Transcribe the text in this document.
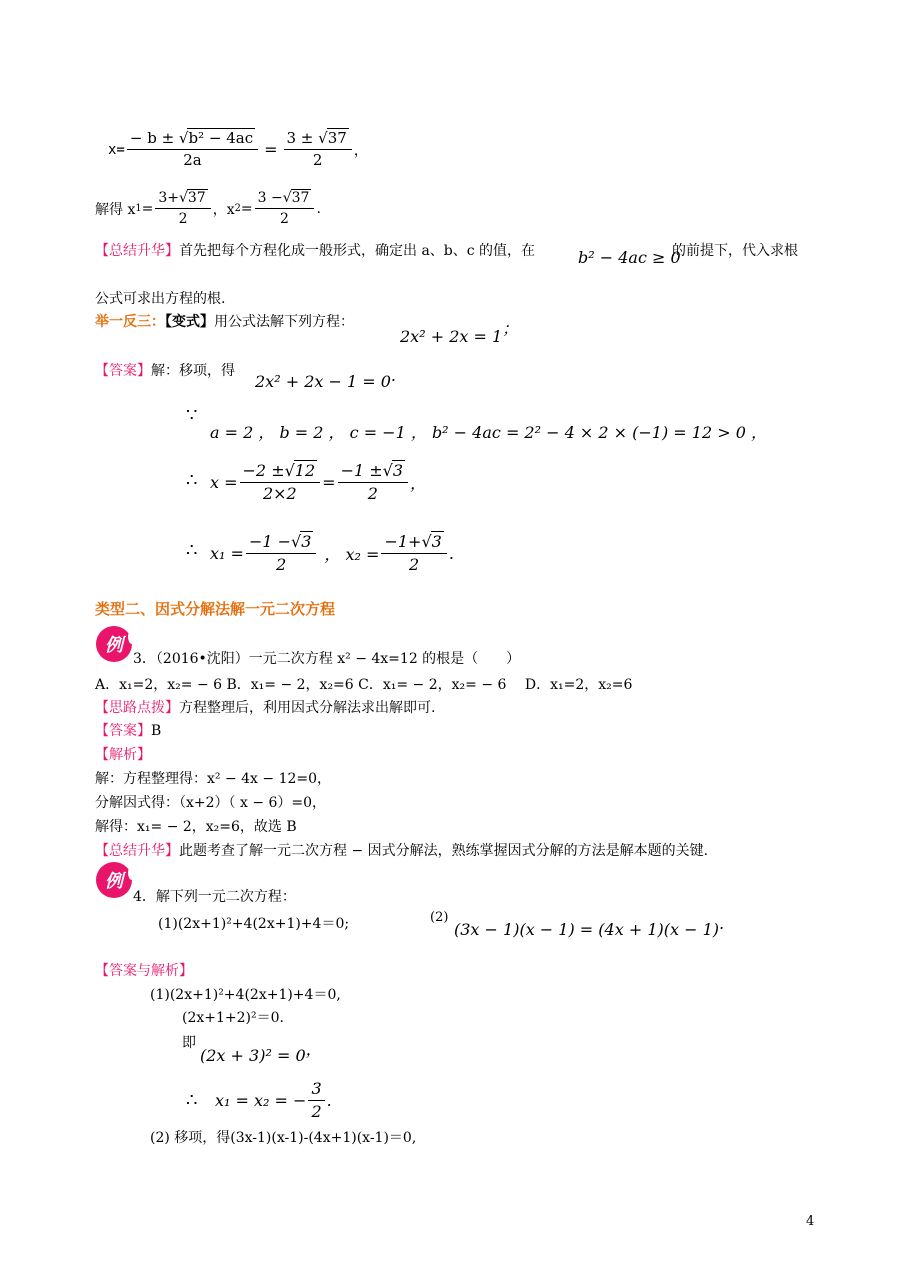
$x= \frac{\text{− b ± √b² − 4ac}}{2a} = \frac{3 \pm √37}{2}$ ，
解得 x $1 = \frac{3+√37}{2}$ ，x $2 = \frac{3 -√37}{2}$ .
【总结升华】首先把每个方程化成一般形式，确定出 a、b、c 的值，在	b² − 4ac ≥ 0
的前提下，代入求根
公式可求出方程的根.
举一反三：【变式】用公式法解下列方程：
2x² + 2x = 1；
【答案】解：移项，得
2x² + 2x − 1 = 0.
∵
a = 2 ， b = 2 ， c = −1 ， b² − 4ac = 2² − 4 × 2 × (−1) = 12 > 0 ，
∴ $x = \frac{-2 \pm√12}{2\times 2} = \frac{-1 \pm√3}{2}$ ，
∴ $x_1 = \frac{-1 -√3}{2}$ ， $x_2 = \frac{-1+√3}{2}$ .
类型二、因式分解法解一元二次方程
例
3．（2016•沈阳）一元二次方程 x² − 4x=12 的根是（　　）
A．x₁=2，x₂= − 6 B．x₁= − 2，x₂=6 C．x₁= − 2，x₂= − 6　 D．x₁=2，x₂=6
【思路点拨】方程整理后，利用因式分解法求出解即可.
【答案】B
【解析】
解：方程整理得：x² − 4x − 12=0，
分解因式得：（x+2）（ x − 6）=0，
解得：x₁= − 2，x₂=6，故选 B
【总结升华】此题考查了解一元二次方程 − 因式分解法，熟练掌握因式分解的方法是解本题的关键.
例
4．解下列一元二次方程：
(1)(2x+1)²+4(2x+1)+4＝0;	(2)
(3x − 1)(x − 1) = (4x + 1)(x − 1).
【答案与解析】
(1)(2x+1)²+4(2x+1)+4＝0,
(2x+1+2)²＝0.
即
(2x + 3)² = 0，
∴ x₁ = x₂ = − $\frac{3}{2}$ .
(2) 移项，得(3x-1)(x-1)-(4x+1)(x-1)＝0,
4
